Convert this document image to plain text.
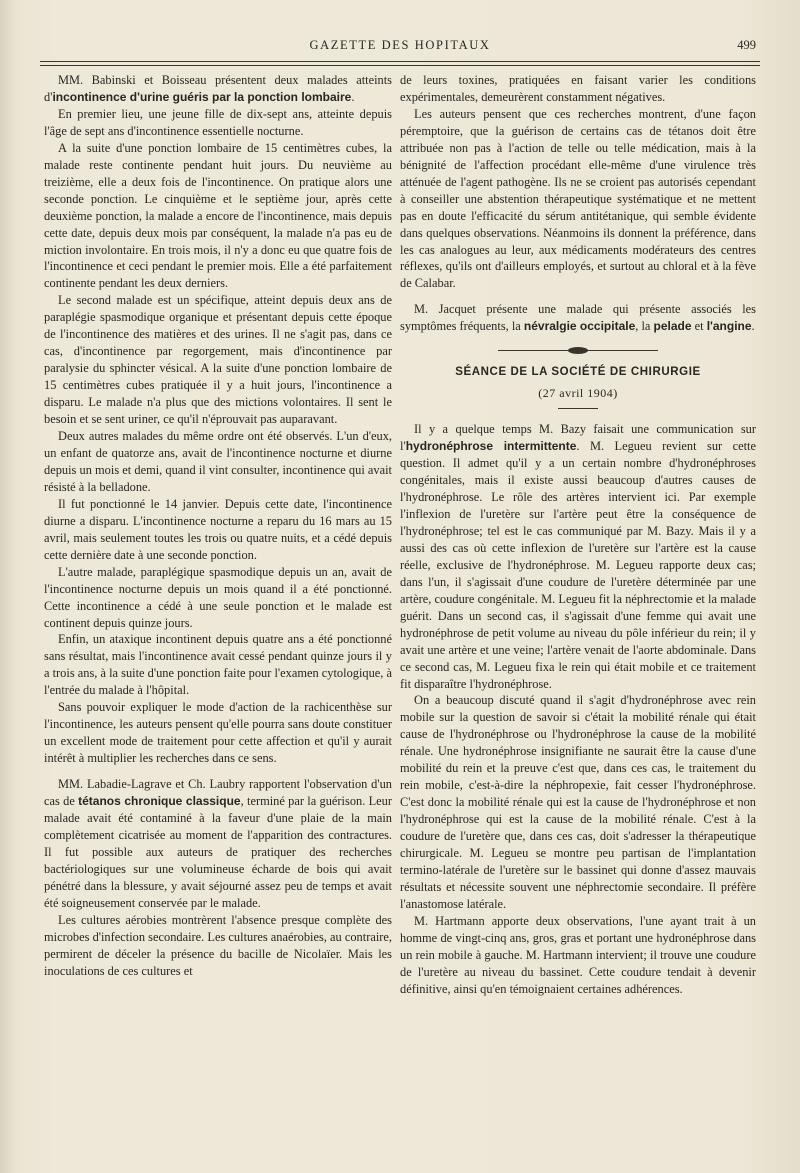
GAZETTE DES HOPITAUX	499

MM. Babinski et Boisseau présentent deux malades atteints d'incontinence d'urine guéris par la ponction lombaire.

En premier lieu, une jeune fille de dix-sept ans, atteinte depuis l'âge de sept ans d'incontinence essentielle nocturne.

A la suite d'une ponction lombaire de 15 centimètres cubes, la malade reste continente pendant huit jours. Du neuvième au treizième, elle a deux fois de l'incontinence. On pratique alors une seconde ponction. Le cinquième et le septième jour, après cette deuxième ponction, la malade a encore de l'incontinence, mais depuis cette date, depuis deux mois par conséquent, la malade n'a pas eu de miction involontaire. En trois mois, il n'y a donc eu que quatre fois de l'incontinence et ceci pendant le premier mois. Elle a été parfaitement continente pendant les deux derniers.

Le second malade est un spécifique, atteint depuis deux ans de paraplégie spasmodique organique et présentant depuis cette époque de l'incontinence des matières et des urines. Il ne s'agit pas, dans ce cas, d'incontinence par regorgement, mais d'incontinence par paralysie du sphincter vésical. A la suite d'une ponction lombaire de 15 centimètres cubes pratiquée il y a huit jours, l'incontinence a disparu. Le malade n'a plus que des mictions volontaires. Il sent le besoin et se sent uriner, ce qu'il n'éprouvait pas auparavant.

Deux autres malades du même ordre ont été observés. L'un d'eux, un enfant de quatorze ans, avait de l'incontinence nocturne et diurne depuis un mois et demi, quand il vint consulter, incontinence qui avait résisté à la belladone.

Il fut ponctionné le 14 janvier. Depuis cette date, l'incontinence diurne a disparu. L'incontinence nocturne a reparu du 16 mars au 15 avril, mais seulement toutes les trois ou quatre nuits, et a cédé depuis cette dernière date à une seconde ponction.

L'autre malade, paraplégique spasmodique depuis un an, avait de l'incontinence nocturne depuis un mois quand il a été ponctionné. Cette incontinence a cédé à une seule ponction et le malade est continent depuis quinze jours.

Enfin, un ataxique incontinent depuis quatre ans a été ponctionné sans résultat, mais l'incontinence avait cessé pendant quinze jours il y a trois ans, à la suite d'une ponction faite pour l'examen cytologique, à l'entrée du malade à l'hôpital.

Sans pouvoir expliquer le mode d'action de la rachicenthèse sur l'incontinence, les auteurs pensent qu'elle pourra sans doute constituer un excellent mode de traitement pour cette affection et qu'il y aurait intérêt à multiplier les recherches dans ce sens.

MM. Labadie-Lagrave et Ch. Laubry rapportent l'observation d'un cas de tétanos chronique classique, terminé par la guérison. Leur malade avait été contaminé à la faveur d'une plaie de la main complètement cicatrisée au moment de l'apparition des contractures. Il fut possible aux auteurs de pratiquer des recherches bactériologiques sur une volumineuse écharde de bois qui avait pénétré dans la blessure, y avait séjourné assez peu de temps et avait été soigneusement conservée par le malade.

Les cultures aérobies montrèrent l'absence presque complète des microbes d'infection secondaire. Les cultures anaérobies, au contraire, permirent de déceler la présence du bacille de Nicolaïer. Mais les inoculations de ces cultures et

de leurs toxines, pratiquées en faisant varier les conditions expérimentales, demeurèrent constamment négatives.

Les auteurs pensent que ces recherches montrent, d'une façon péremptoire, que la guérison de certains cas de tétanos doit être attribuée non pas à l'action de telle ou telle médication, mais à la bénignité de l'affection procédant elle-même d'une virulence très atténuée de l'agent pathogène. Ils ne se croient pas autorisés cependant à conseiller une abstention thérapeutique systématique et ne mettent pas en doute l'efficacité du sérum antitétanique, qui semble évidente dans quelques observations. Néanmoins ils donnent la préférence, dans les cas analogues au leur, aux médicaments modérateurs des centres réflexes, qu'ils ont d'ailleurs employés, et surtout au chloral et à la fève de Calabar.

M. Jacquet présente une malade qui présente associés les symptômes fréquents, la névralgie occipitale, la pelade et l'angine.

SÉANCE DE LA SOCIÉTÉ DE CHIRURGIE
(27 avril 1904)

Il y a quelque temps M. Bazy faisait une communication sur l'hydronéphrose intermittente. M. Legueu revient sur cette question. Il admet qu'il y a un certain nombre d'hydronéphroses congénitales, mais il existe aussi beaucoup d'autres causes de l'hydronéphrose. Le rôle des artères intervient ici. Par exemple l'inflexion de l'uretère sur l'artère peut être la conséquence de l'hydronéphrose; tel est le cas communiqué par M. Bazy. Mais il y a aussi des cas où cette inflexion de l'uretère sur l'artère est la cause réelle, exclusive de l'hydronéphrose. M. Legueu rapporte deux cas; dans l'un, il s'agissait d'une coudure de l'uretère déterminée par une artère, coudure congénitale. M. Legueu fit la néphrectomie et la malade guérit. Dans un second cas, il s'agissait d'une femme qui avait une hydronéphrose de petit volume au niveau du pôle inférieur du rein; il y avait une artère et une veine; l'artère venait de l'aorte abdominale. Dans ce second cas, M. Legueu fixa le rein qui était mobile et ce traitement fit disparaître l'hydronéphrose.

On a beaucoup discuté quand il s'agit d'hydronéphrose avec rein mobile sur la question de savoir si c'était la mobilité rénale qui était cause de l'hydronéphrose ou l'hydronéphrose la cause de la mobilité rénale. Une hydronéphrose insignifiante ne saurait être la cause d'une mobilité du rein et la preuve c'est que, dans ces cas, le traitement du rein mobile, c'est-à-dire la néphropexie, fait cesser l'hydronéphrose. C'est donc la mobilité rénale qui est la cause de l'hydronéphrose et non l'hydronéphrose qui est la cause de la mobilité rénale. C'est à la coudure de l'uretère que, dans ces cas, doit s'adresser la thérapeutique chirurgicale. M. Legueu se montre peu partisan de l'implantation termino-latérale de l'uretère sur le bassinet qui donne d'assez mauvais résultats et nécessite souvent une néphrectomie secondaire. Il préfère l'anastomose latérale.

M. Hartmann apporte deux observations, l'une ayant trait à un homme de vingt-cinq ans, gros, gras et portant une hydronéphrose dans un rein mobile à gauche. M. Hartmann intervient; il trouve une coudure de l'uretère au niveau du bassinet. Cette coudure tendait à devenir définitive, ainsi qu'en témoignaient certaines adhérences.
